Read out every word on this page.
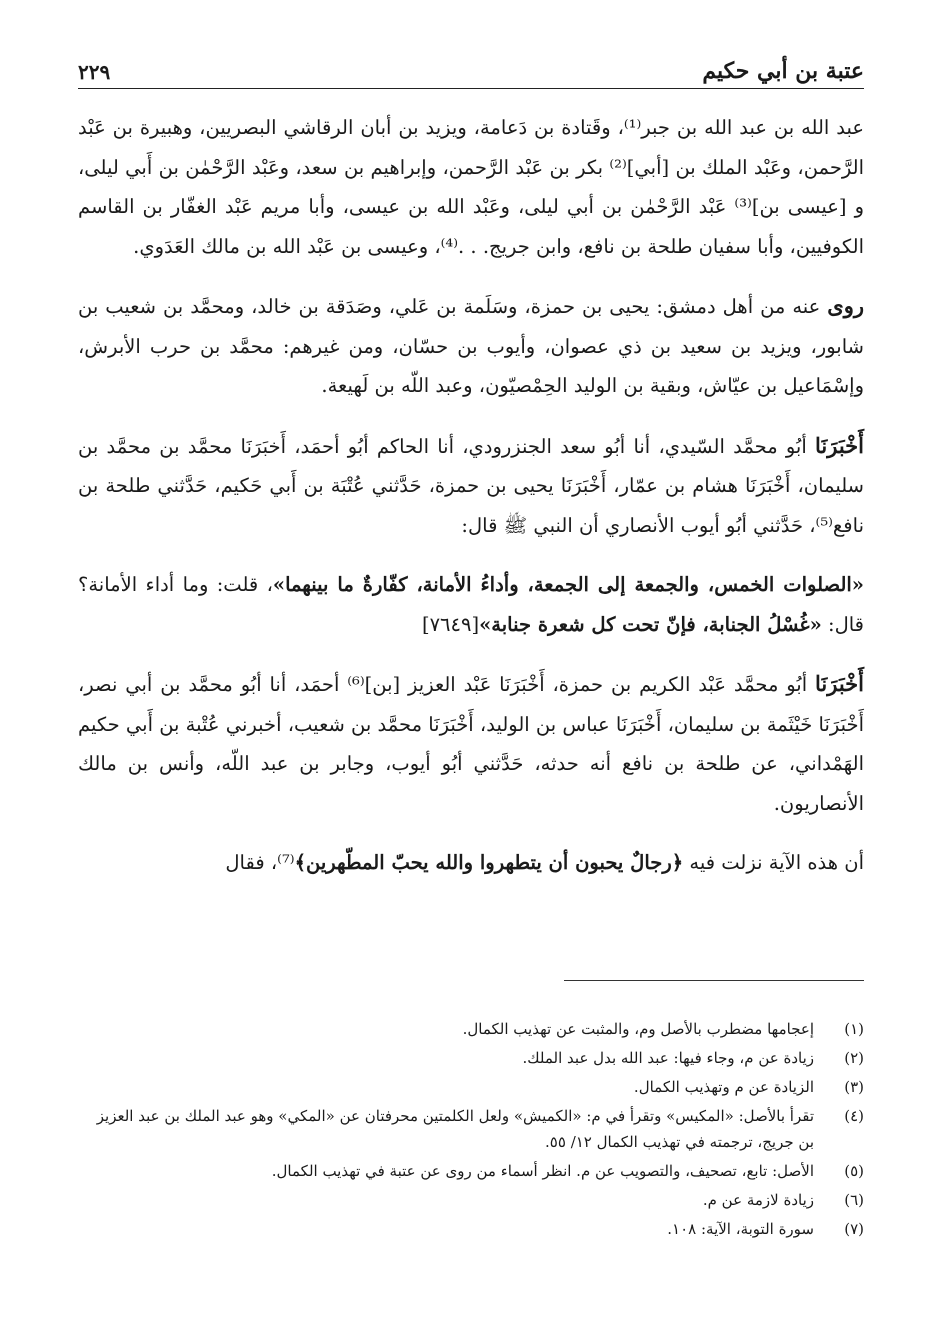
عتبة بن أبي حكيم
٢٢٩

عبد الله بن عبد الله بن جبر⁽¹⁾، وقَتادة بن دَعامة، ويزيد بن أبان الرقاشي البصريين، وهبيرة بن عَبْد الرَّحمن، وعَبْد الملك بن [أبي]⁽²⁾ بكر بن عَبْد الرَّحمن، وإبراهيم بن سعد، وعَبْد الرَّحْمٰن بن أَبي ليلى، و [عيسى بن]⁽³⁾ عَبْد الرَّحْمٰن بن أبي ليلى، وعَبْد الله بن عيسى، وأبا مريم عَبْد الغفّار بن القاسم الكوفيين، وأبا سفيان طلحة بن نافع، وابن جريج. . .⁽⁴⁾، وعيسى بن عَبْد الله بن مالك العَدَوي.

روى عنه من أهل دمشق: يحيى بن حمزة، وسَلَمة بن عَلي، وصَدَقة بن خالد، ومحمَّد بن شعيب بن شابور، ويزيد بن سعيد بن ذي عصوان، وأيوب بن حسّان، ومن غيرهم: محمَّد بن حرب الأبرش، وإسْمَاعيل بن عيّاش، وبقية بن الوليد الحِمْصيّون، وعبد اللّه بن لَهيعة.

أَخْبَرَنَا أبُو محمَّد السّيدي، أنا أبُو سعد الجنزرودي، أنا الحاكم أبُو أحمَد، أَخبَرَنَا محمَّد بن محمَّد بن سليمان، أَخْبَرَنَا هشام بن عمّار، أَخْبَرَنَا يحيى بن حمزة، حَدَّثني عُتْبَة بن أَبي حَكيم، حَدَّثني طلحة بن نافع⁽⁵⁾، حَدَّثني أبُو أيوب الأنصاري أن النبي ﷺ قال:

«الصلوات الخمس، والجمعة إلى الجمعة، وأداءُ الأمانة، كفّارةٌ ما بينهما»، قلت: وما أداء الأمانة؟ قال: «غُسْلُ الجنابة، فإنّ تحت كل شعرة جنابة»[٧٦٤٩]

أَخْبَرَنَا أبُو محمَّد عَبْد الكريم بن حمزة، أَخْبَرَنَا عَبْد العزيز [بن]⁽⁶⁾ أحمَد، أنا أبُو محمَّد بن أبي نصر، أَخْبَرَنَا خَيْثَمة بن سليمان، أَخْبَرَنَا عباس بن الوليد، أَخْبَرَنَا محمَّد بن شعيب، أخبرني عُتْبة بن أَبي حكيم الهَمْداني، عن طلحة بن نافع أنه حدثه، حَدَّثني أبُو أيوب، وجابر بن عبد اللّه، وأنس بن مالك الأنصاريون.

أن هذه الآية نزلت فيه ﴿رجالٌ يحبون أن يتطهروا والله يحبّ المطّهرين﴾⁽⁷⁾، فقال

(١)
إعجامها مضطرب بالأصل وم، والمثبت عن تهذيب الكمال.
(٢)
زيادة عن م، وجاء فيها: عبد الله بدل عبد الملك.
(٣)
الزيادة عن م وتهذيب الكمال.
(٤)
تقرأ بالأصل: «المكيس» وتقرأ في م: «الكميش» ولعل الكلمتين محرفتان عن «المكي» وهو عبد الملك بن عبد العزيز بن جريج، ترجمته في تهذيب الكمال ١٢/ ٥٥.
(٥)
الأصل: تابع، تصحيف، والتصويب عن م. انظر أسماء من روى عن عتبة في تهذيب الكمال.
(٦)
زيادة لازمة عن م.
(٧)
سورة التوبة، الآية: ١٠٨.
